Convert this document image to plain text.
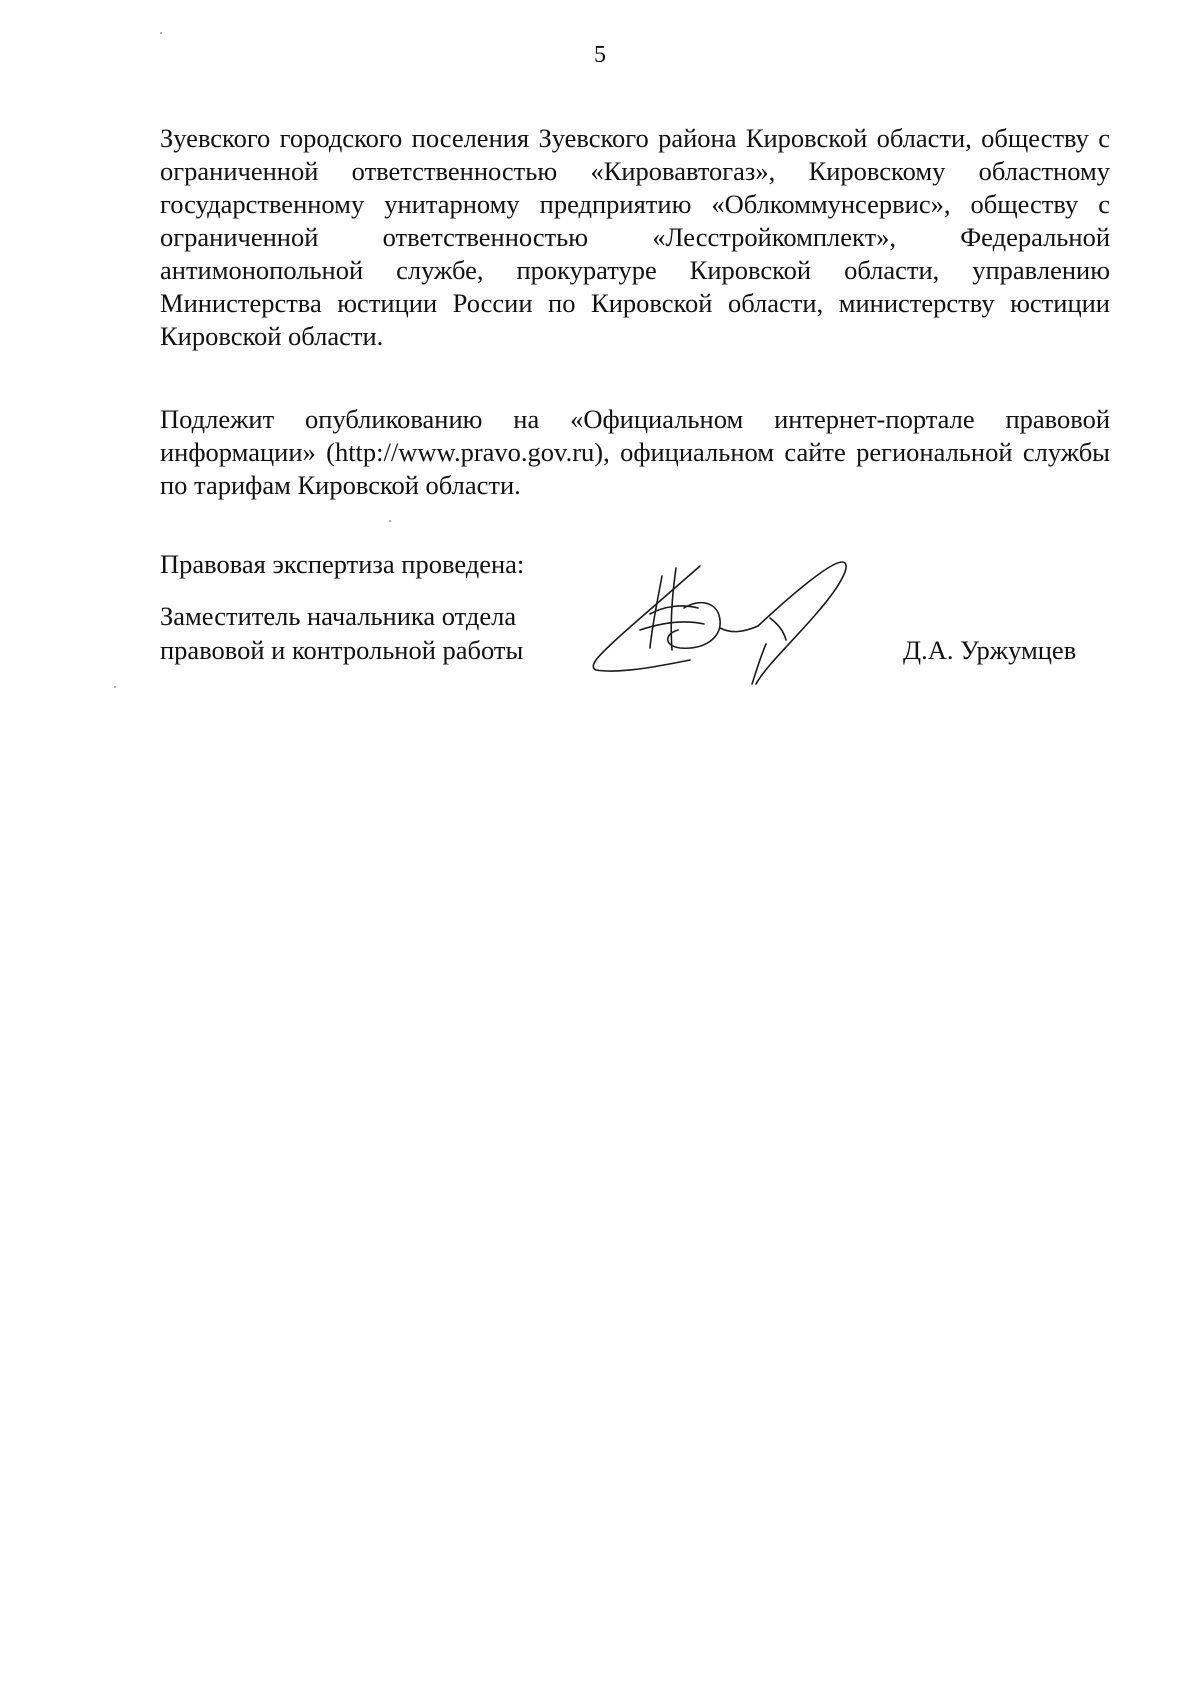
5
Зуевского городского поселения Зуевского района Кировской области, обществу с ограниченной ответственностью «Кировавтогаз», Кировскому областному государственному унитарному предприятию «Облкоммунсервис», обществу с ограниченной ответственностью «Лесстройкомплект», Федеральной антимонопольной службе, прокуратуре Кировской области, управлению Министерства юстиции России по Кировской области, министерству юстиции Кировской области.
Подлежит опубликованию на «Официальном интернет-портале правовой информации» (http://www.pravo.gov.ru), официальном сайте региональной службы по тарифам Кировской области.
Правовая экспертиза проведена:
Заместитель начальника отдела
правовой и контрольной работы	Д.А. Уржумцев
